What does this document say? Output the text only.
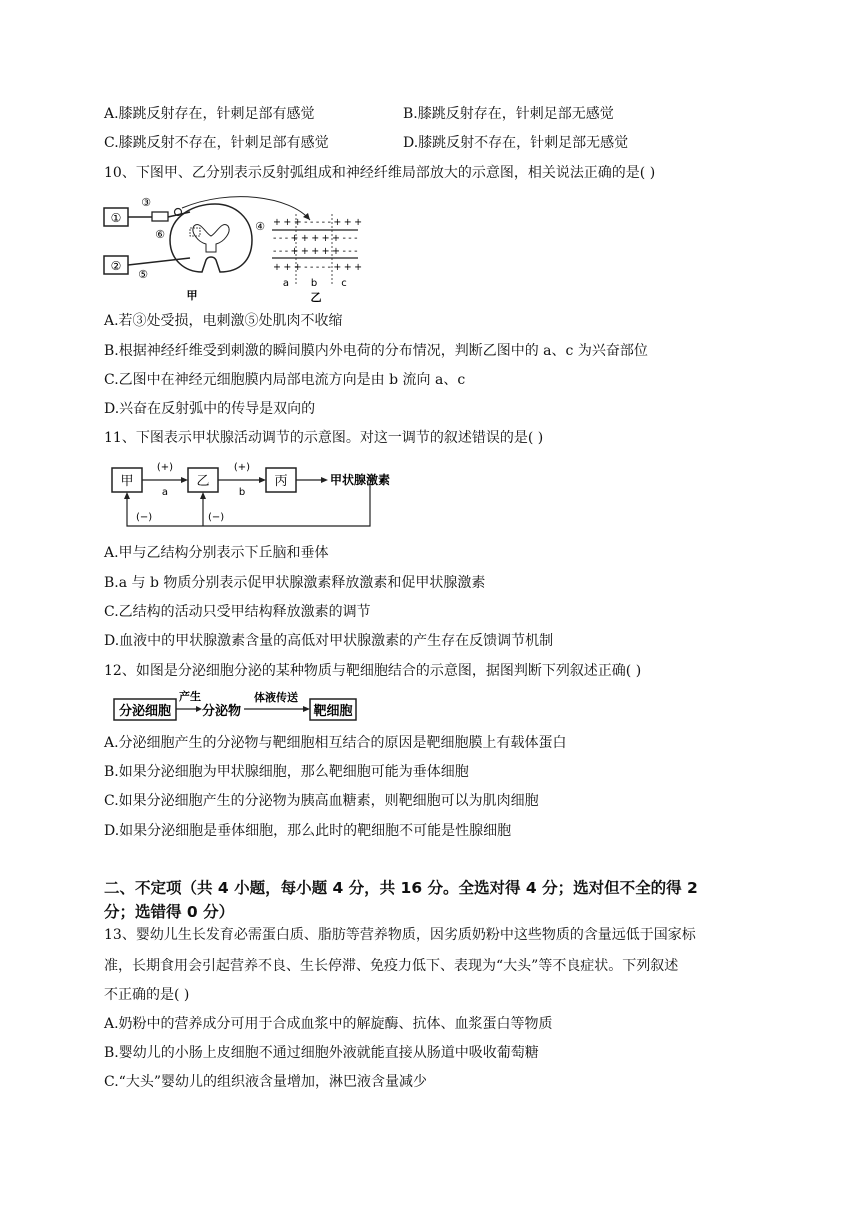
A.膝跳反射存在，针刺足部有感觉	B.膝跳反射存在，针刺足部无感觉
C.膝跳反射不存在，针刺足部有感觉	D.膝跳反射不存在，针刺足部无感觉
10、下图甲、乙分别表示反射弧组成和神经纤维局部放大的示意图，相关说法正确的是( )
①
②
③
⑤
⑥
④
甲
+ + + - - - - - + + +
- - - + + + + + - - -
- - - + + + + + - - -
+ + + - - - - - + + +
a b c
乙
A.若③处受损，电刺激⑤处肌肉不收缩
B.根据神经纤维受到刺激的瞬间膜内外电荷的分布情况，判断乙图中的 a、c 为兴奋部位
C.乙图中在神经元细胞膜内局部电流方向是由 b 流向 a、c
D.兴奋在反射弧中的传导是双向的
11、下图表示甲状腺活动调节的示意图。对这一调节的叙述错误的是( )
甲	乙	丙
(+)
a
(+)
b
甲状腺激素
(−)	(−)
A.甲与乙结构分别表示下丘脑和垂体
B.a 与 b 物质分别表示促甲状腺激素释放激素和促甲状腺激素
C.乙结构的活动只受甲结构释放激素的调节
D.血液中的甲状腺激素含量的高低对甲状腺激素的产生存在反馈调节机制
12、如图是分泌细胞分泌的某种物质与靶细胞结合的示意图，据图判断下列叙述正确( )
分泌细胞
产生
分泌物
体液传送
靶细胞
A.分泌细胞产生的分泌物与靶细胞相互结合的原因是靶细胞膜上有载体蛋白
B.如果分泌细胞为甲状腺细胞，那么靶细胞可能为垂体细胞
C.如果分泌细胞产生的分泌物为胰高血糖素，则靶细胞可以为肌肉细胞
D.如果分泌细胞是垂体细胞，那么此时的靶细胞不可能是性腺细胞
二、不定项（共 4 小题，每小题 4 分，共 16 分。全选对得 4 分；选对但不全的得 2
分；选错得 0 分）
13、婴幼儿生长发育必需蛋白质、脂肪等营养物质，因劣质奶粉中这些物质的含量远低于国家标
准，长期食用会引起营养不良、生长停滞、免疫力低下、表现为“大头”等不良症状。下列叙述
不正确的是( )
A.奶粉中的营养成分可用于合成血浆中的解旋酶、抗体、血浆蛋白等物质
B.婴幼儿的小肠上皮细胞不通过细胞外液就能直接从肠道中吸收葡萄糖
C.“大头”婴幼儿的组织液含量增加，淋巴液含量减少
